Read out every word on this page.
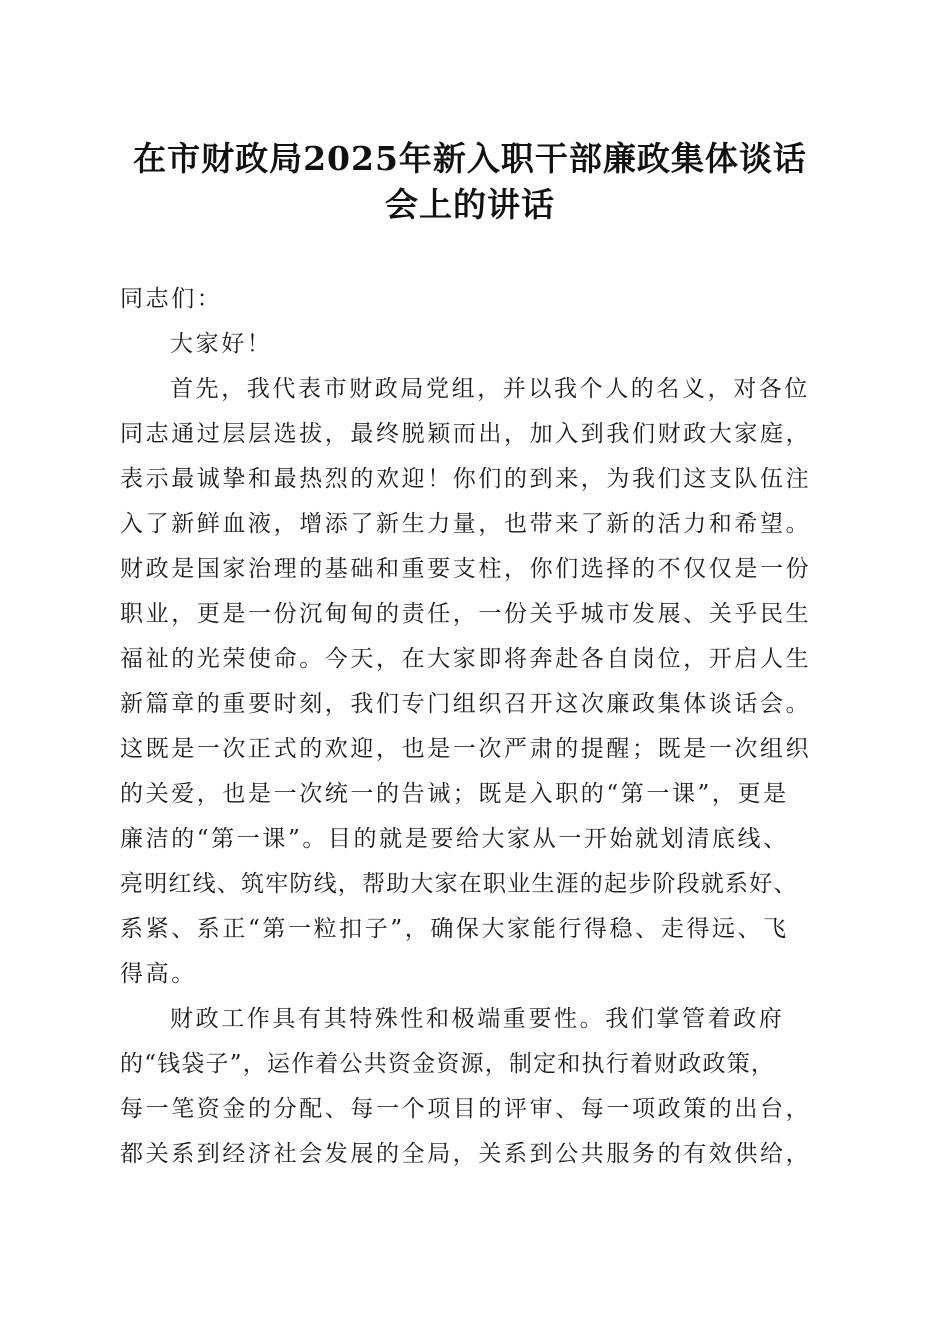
在市财政局2025年新入职干部廉政集体谈话
会上的讲话
同志们：
大家好！
首先，我代表市财政局党组，并以我个人的名义，对各位
同志通过层层选拔，最终脱颖而出，加入到我们财政大家庭，
表示最诚挚和最热烈的欢迎！你们的到来，为我们这支队伍注
入了新鲜血液，增添了新生力量，也带来了新的活力和希望。
财政是国家治理的基础和重要支柱，你们选择的不仅仅是一份
职业，更是一份沉甸甸的责任，一份关乎城市发展、关乎民生
福祉的光荣使命。今天，在大家即将奔赴各自岗位，开启人生
新篇章的重要时刻，我们专门组织召开这次廉政集体谈话会。
这既是一次正式的欢迎，也是一次严肃的提醒；既是一次组织
的关爱，也是一次统一的告诫；既是入职的“第一课”，更是
廉洁的“第一课”。目的就是要给大家从一开始就划清底线、
亮明红线、筑牢防线，帮助大家在职业生涯的起步阶段就系好、
系紧、系正“第一粒扣子”，确保大家能行得稳、走得远、飞
得高。
财政工作具有其特殊性和极端重要性。我们掌管着政府
的“钱袋子”，运作着公共资金资源，制定和执行着财政政策，
每一笔资金的分配、每一个项目的评审、每一项政策的出台，
都关系到经济社会发展的全局，关系到公共服务的有效供给，
